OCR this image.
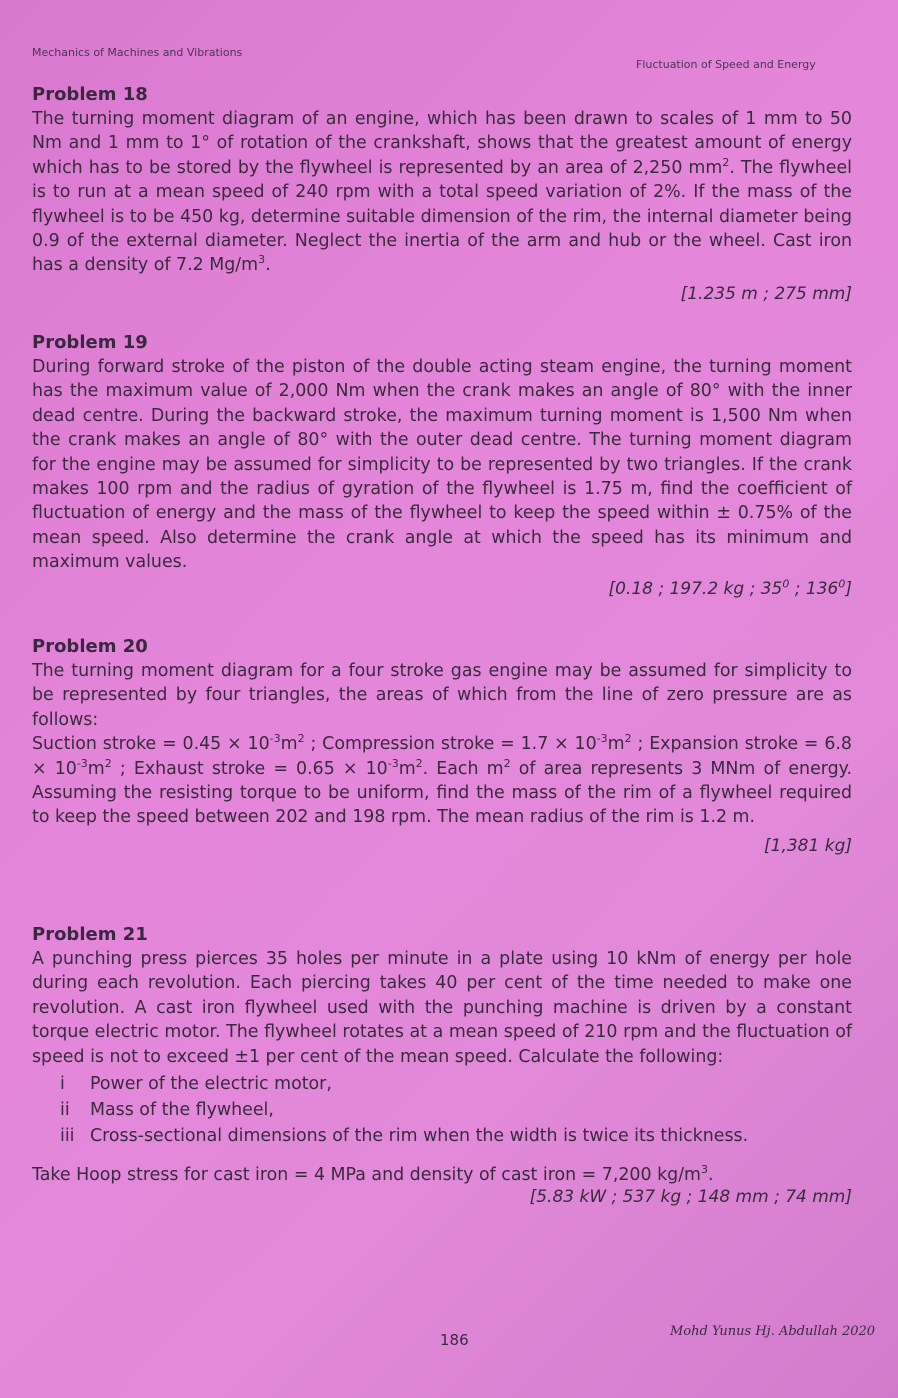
Mechanics of Machines and Vibrations
Fluctuation of Speed and Energy

Problem 18

The turning moment diagram of an engine, which has been drawn to scales of 1 mm to 50 Nm and 1 mm to 1° of rotation of the crankshaft, shows that the greatest amount of energy which has to be stored by the flywheel is represented by an area of 2,250 $mm^2$. The flywheel is to run at a mean speed of 240 rpm with a total speed variation of 2%. If the mass of the flywheel is to be 450 kg, determine suitable dimension of the rim, the internal diameter being 0.9 of the external diameter. Neglect the inertia of the arm and hub or the wheel. Cast iron has a density of 7.2 $Mg/m^3$.

[1.235 m ; 275 mm]

Problem 19

During forward stroke of the piston of the double acting steam engine, the turning moment has the maximum value of 2,000 Nm when the crank makes an angle of 80° with the inner dead centre. During the backward stroke, the maximum turning moment is 1,500 Nm when the crank makes an angle of 80° with the outer dead centre. The turning moment diagram for the engine may be assumed for simplicity to be represented by two triangles. If the crank makes 100 rpm and the radius of gyration of the flywheel is 1.75 m, find the coefficient of fluctuation of energy and the mass of the flywheel to keep the speed within ± 0.75% of the mean speed. Also determine the crank angle at which the speed has its minimum and maximum values.

[0.18 ; 197.2 kg ; $35^0$ ; $136^0$]

Problem 20

The turning moment diagram for a four stroke gas engine may be assumed for simplicity to be represented by four triangles, the areas of which from the line of zero pressure are as follows:

Suction stroke = $0.45 \times 10^{-3}m^2$ ; Compression stroke = $1.7 \times 10^{-3}m^2$ ; Expansion stroke = $6.8 \times 10^{-3}m^2$ ; Exhaust stroke = $0.65 \times 10^{-3}m^2$. Each $m^2$ of area represents 3 MNm of energy. Assuming the resisting torque to be uniform, find the mass of the rim of a flywheel required to keep the speed between 202 and 198 rpm. The mean radius of the rim is 1.2 m.

[1,381 kg]

Problem 21

A punching press pierces 35 holes per minute in a plate using 10 kNm of energy per hole during each revolution. Each piercing takes 40 per cent of the time needed to make one revolution. A cast iron flywheel used with the punching machine is driven by a constant torque electric motor. The flywheel rotates at a mean speed of 210 rpm and the fluctuation of speed is not to exceed ±1 per cent of the mean speed. Calculate the following:

i Power of the electric motor,
ii Mass of the flywheel,
iii Cross-sectional dimensions of the rim when the width is twice its thickness.

Take Hoop stress for cast iron = 4 MPa and density of cast iron = 7,200 $kg/m^3$.

[5.83 kW ; 537 kg ; 148 mm ; 74 mm]

186	Mohd Yunus Hj. Abdullah 2020
